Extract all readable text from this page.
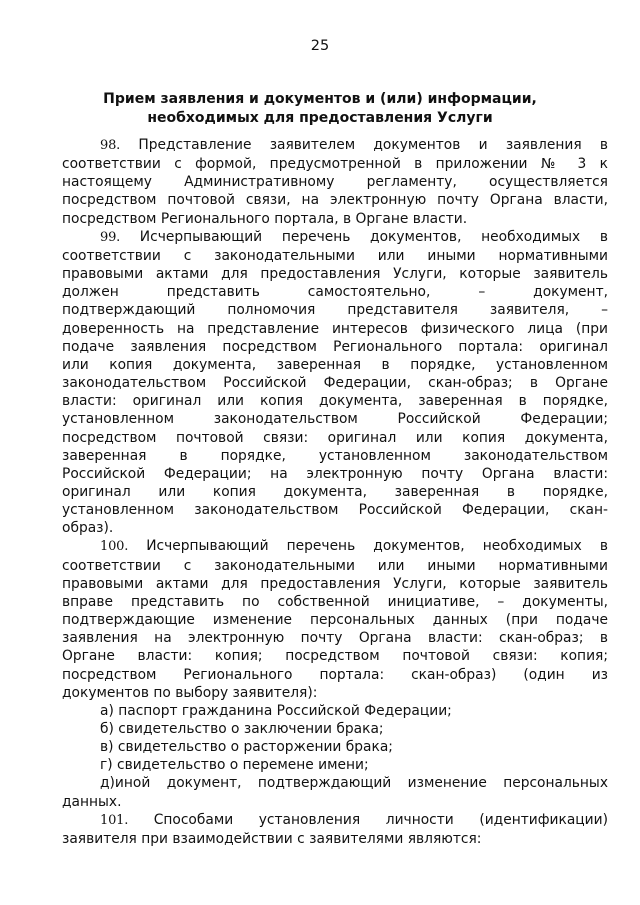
25
Прием заявления и документов и (или) информации,
необходимых для предоставления Услуги
98. Представление заявителем документов и заявления в
соответствии с формой, предусмотренной в приложении № 3 к
настоящему Административному регламенту, осуществляется
посредством почтовой связи, на электронную почту Органа власти,
посредством Регионального портала, в Органе власти.
99. Исчерпывающий перечень документов, необходимых в
соответствии с законодательными или иными нормативными
правовыми актами для предоставления Услуги, которые заявитель
должен представить самостоятельно, – документ,
подтверждающий полномочия представителя заявителя, –
доверенность на представление интересов физического лица (при
подаче заявления посредством Регионального портала: оригинал
или копия документа, заверенная в порядке, установленном
законодательством Российской Федерации, скан-образ; в Органе
власти: оригинал или копия документа, заверенная в порядке,
установленном законодательством Российской Федерации;
посредством почтовой связи: оригинал или копия документа,
заверенная в порядке, установленном законодательством
Российской Федерации; на электронную почту Органа власти:
оригинал или копия документа, заверенная в порядке,
установленном законодательством Российской Федерации, скан-
образ).
100. Исчерпывающий перечень документов, необходимых в
соответствии с законодательными или иными нормативными
правовыми актами для предоставления Услуги, которые заявитель
вправе представить по собственной инициативе, – документы,
подтверждающие изменение персональных данных (при подаче
заявления на электронную почту Органа власти: скан-образ; в
Органе власти: копия; посредством почтовой связи: копия;
посредством Регионального портала: скан-образ) (один из
документов по выбору заявителя):
а) паспорт гражданина Российской Федерации;
б) свидетельство о заключении брака;
в) свидетельство о расторжении брака;
г) свидетельство о перемене имени;
д)иной документ, подтверждающий изменение персональных
данных.
101. Способами установления личности (идентификации)
заявителя при взаимодействии с заявителями являются:
